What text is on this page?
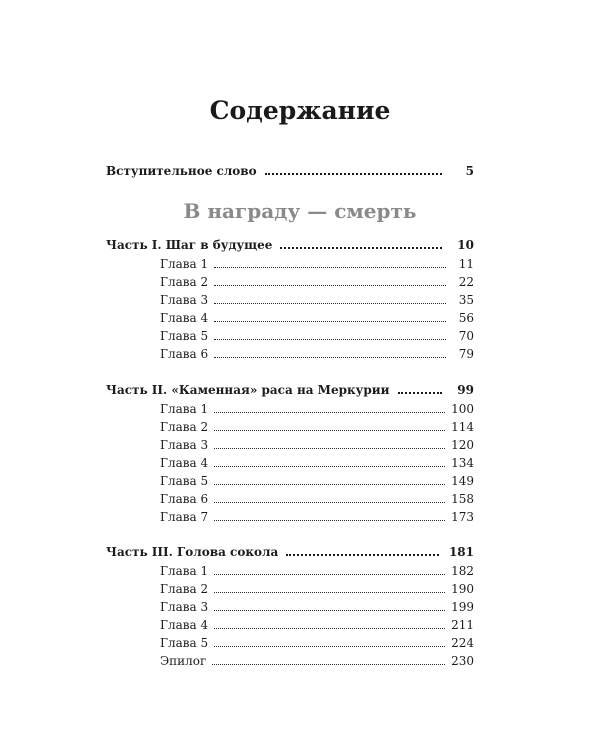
Содержание
Вступительное слово	5
В награду — смерть
Часть I. Шаг в будущее	10
Глава 1	11
Глава 2	22
Глава 3	35
Глава 4	56
Глава 5	70
Глава 6	79
Часть II. «Каменная» раса на Меркурии	99
Глава 1	100
Глава 2	114
Глава 3	120
Глава 4	134
Глава 5	149
Глава 6	158
Глава 7	173
Часть III. Голова сокола	181
Глава 1	182
Глава 2	190
Глава 3	199
Глава 4	211
Глава 5	224
Эпилог	230
